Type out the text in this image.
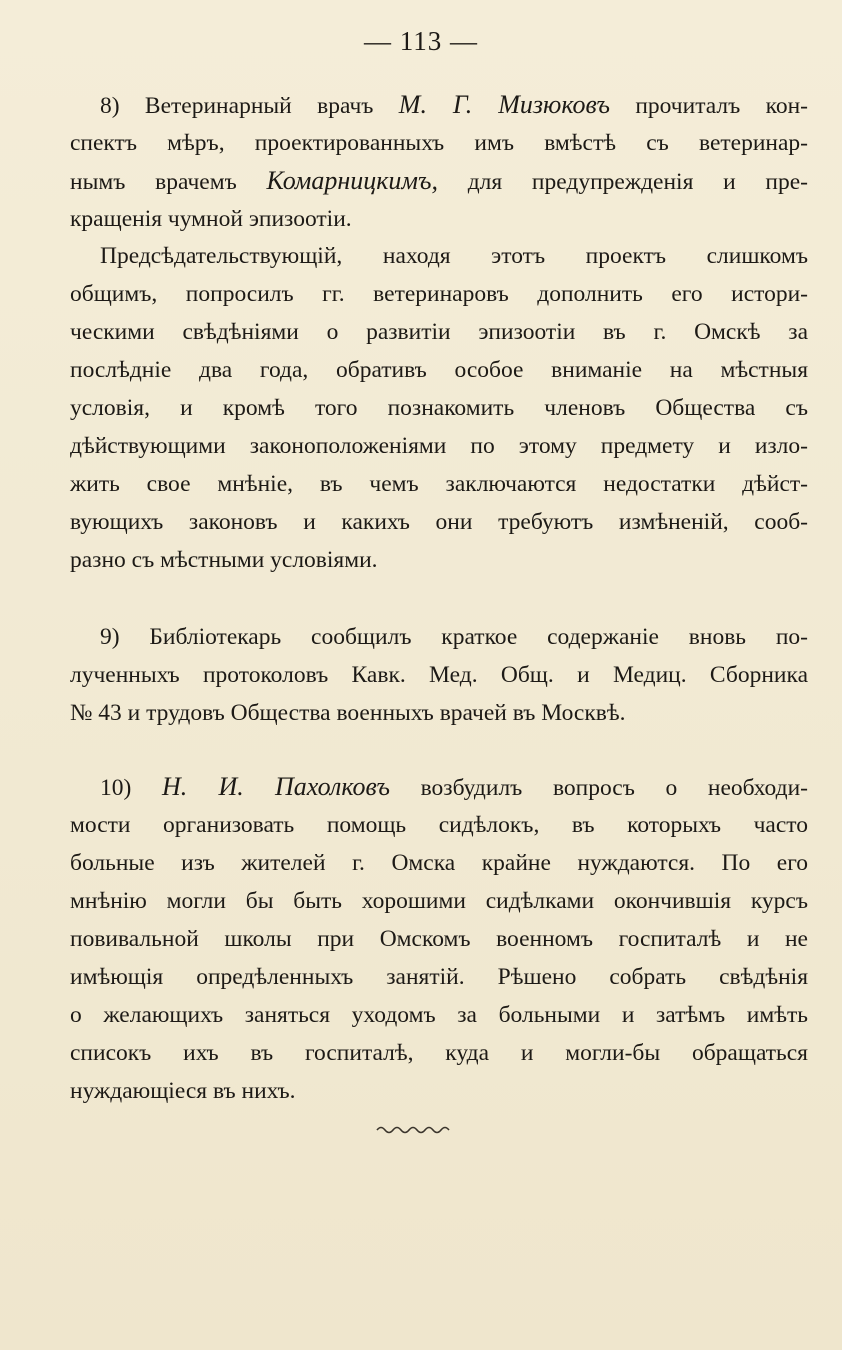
— 113 —
8) Ветеринарный врачъ М. Г. Мизюковъ прочиталъ кон-
спектъ мѣръ, проектированныхъ имъ вмѣстѣ съ ветеринар-
нымъ врачемъ Комарницкимъ, для предупрежденія и пре-
кращенія чумной эпизоотіи.
Предсѣдательствующій, находя этотъ проектъ слишкомъ
общимъ, попросилъ гг. ветеринаровъ дополнить его истори-
ческими свѣдѣніями о развитіи эпизоотіи въ г. Омскѣ за
послѣдніе два года, обративъ особое вниманіе на мѣстныя
условія, и кромѣ того познакомить членовъ Общества съ
дѣйствующими законоположеніями по этому предмету и изло-
жить свое мнѣніе, въ чемъ заключаются недостатки дѣйст-
вующихъ законовъ и какихъ они требуютъ измѣненій, сооб-
разно съ мѣстными условіями.
9) Библіотекарь сообщилъ краткое содержаніе вновь по-
лученныхъ протоколовъ Кавк. Мед. Общ. и Медиц. Сборника
№ 43 и трудовъ Общества военныхъ врачей въ Москвѣ.
10) Н. И. Пахолковъ возбудилъ вопросъ о необходи-
мости организовать помощь сидѣлокъ, въ которыхъ часто
больные изъ жителей г. Омска крайне нуждаются. По его
мнѣнію могли бы быть хорошими сидѣлками окончившія курсъ
повивальной школы при Омскомъ военномъ госпиталѣ и не
имѣющія опредѣленныхъ занятій. Рѣшено собрать свѣдѣнія
о желающихъ заняться уходомъ за больными и затѣмъ имѣть
списокъ ихъ въ госпиталѣ, куда и могли-бы обращаться
нуждающіеся въ нихъ.
